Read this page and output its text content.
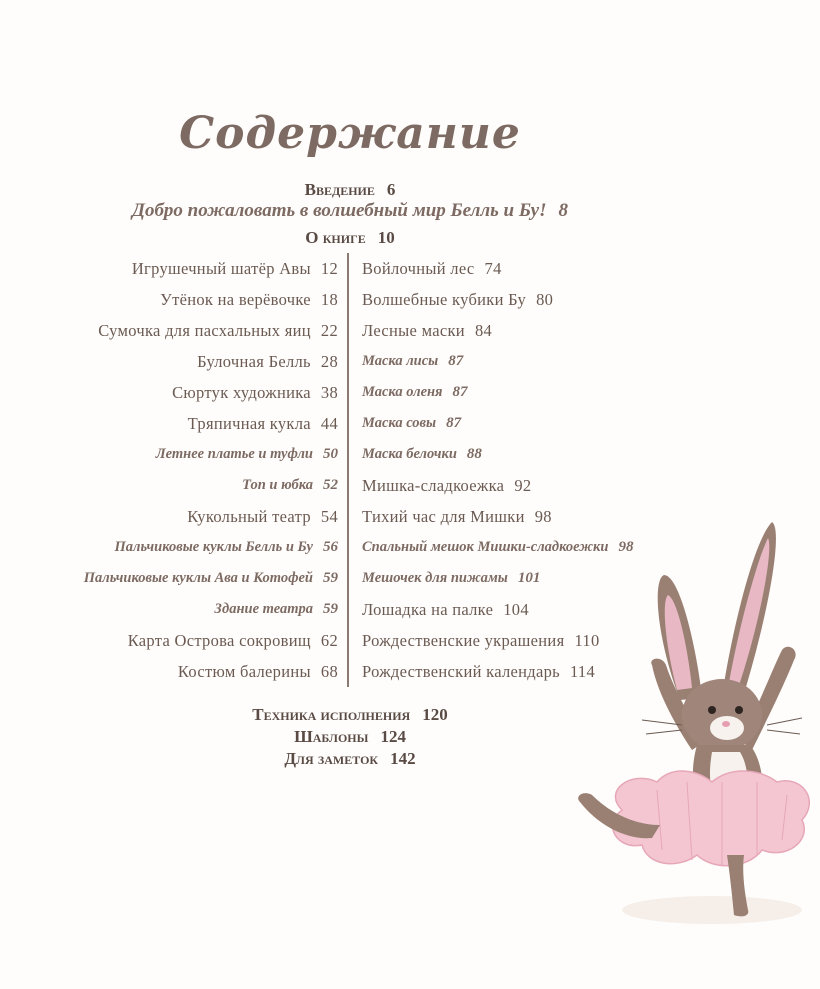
Содержание
Введение 6
Добро пожаловать в волшебный мир Белль и Бу! 8
О книге 10
Игрушечный шатёр Авы 12
Утёнок на верёвочке 18
Сумочка для пасхальных яиц 22
Булочная Белль 28
Сюртук художника 38
Тряпичная кукла 44
Летнее платье и туфли 50
Топ и юбка 52
Кукольный театр 54
Пальчиковые куклы Белль и Бу 56
Пальчиковые куклы Ава и Котофей 59
Здание театра 59
Карта Острова сокровищ 62
Костюм балерины 68
Войлочный лес 74
Волшебные кубики Бу 80
Лесные маски 84
Маска лисы 87
Маска оленя 87
Маска совы 87
Маска белочки 88
Мишка-сладкоежка 92
Тихий час для Мишки 98
Спальный мешок Мишки-сладкоежки 98
Мешочек для пижамы 101
Лошадка на палке 104
Рождественские украшения 110
Рождественский календарь 114
Техника исполнения 120
Шаблоны 124
Для заметок 142
